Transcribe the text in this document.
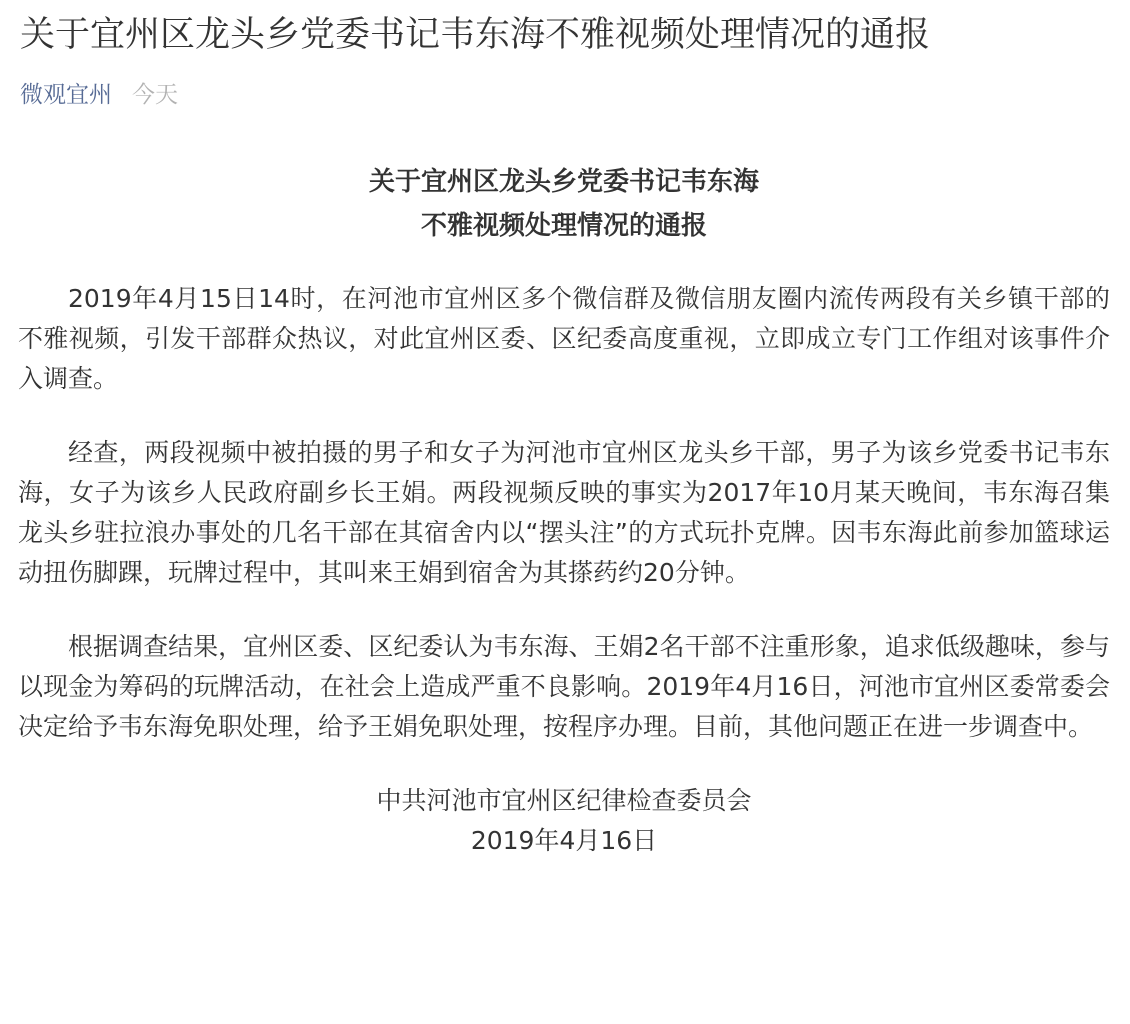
关于宜州区龙头乡党委书记韦东海不雅视频处理情况的通报
微观宜州 今天

关于宜州区龙头乡党委书记韦东海

不雅视频处理情况的通报

2019年4月15日14时，在河池市宜州区多个微信群及微信朋友圈内流传两段有关乡镇干部的不雅视频，引发干部群众热议，对此宜州区委、区纪委高度重视，立即成立专门工作组对该事件介入调查。

经查，两段视频中被拍摄的男子和女子为河池市宜州区龙头乡干部，男子为该乡党委书记韦东海，女子为该乡人民政府副乡长王娟。两段视频反映的事实为2017年10月某天晚间，韦东海召集龙头乡驻拉浪办事处的几名干部在其宿舍内以“摆头注”的方式玩扑克牌。因韦东海此前参加篮球运动扭伤脚踝，玩牌过程中，其叫来王娟到宿舍为其搽药约20分钟。

根据调查结果，宜州区委、区纪委认为韦东海、王娟2名干部不注重形象，追求低级趣味，参与以现金为筹码的玩牌活动，在社会上造成严重不良影响。2019年4月16日，河池市宜州区委常委会决定给予韦东海免职处理，给予王娟免职处理，按程序办理。目前，其他问题正在进一步调查中。

中共河池市宜州区纪律检查委员会

2019年4月16日
